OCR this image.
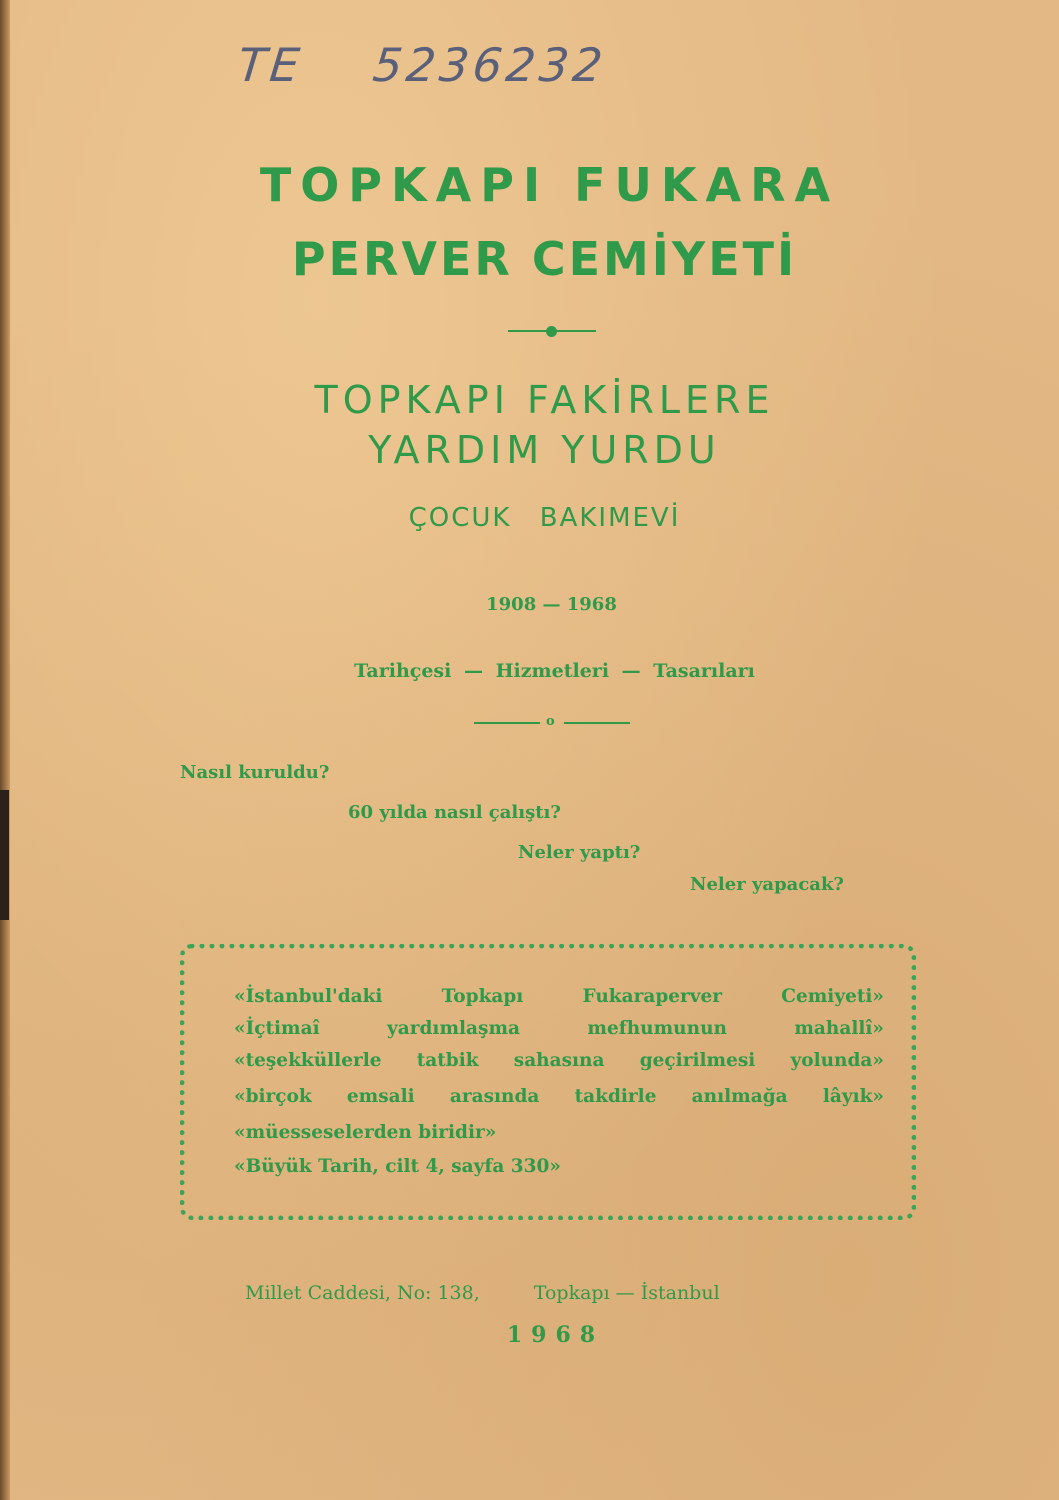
TE 5236232
TOPKAPI FUKARA
PERVER CEMİYETİ
TOPKAPI FAKİRLERE
YARDIM YURDU
ÇOCUK BAKIMEVİ
1908 — 1968
Tarihçesi — Hizmetleri — Tasarıları
o
Nasıl kuruldu?
60 yılda nasıl çalıştı?
Neler yaptı?
Neler yapacak?
«İstanbul'daki Topkapı Fukaraperver Cemiyeti»
«İçtimaî yardımlaşma mefhumunun mahallî»
«teşekküllerle tatbik sahasına geçirilmesi yolunda»
«birçok emsali arasında takdirle anılmağa lâyık»
«müesseselerden biridir»
«Büyük Tarih, cilt 4, sayfa 330»
Millet Caddesi, No: 138,	Topkapı — İstanbul
1968
